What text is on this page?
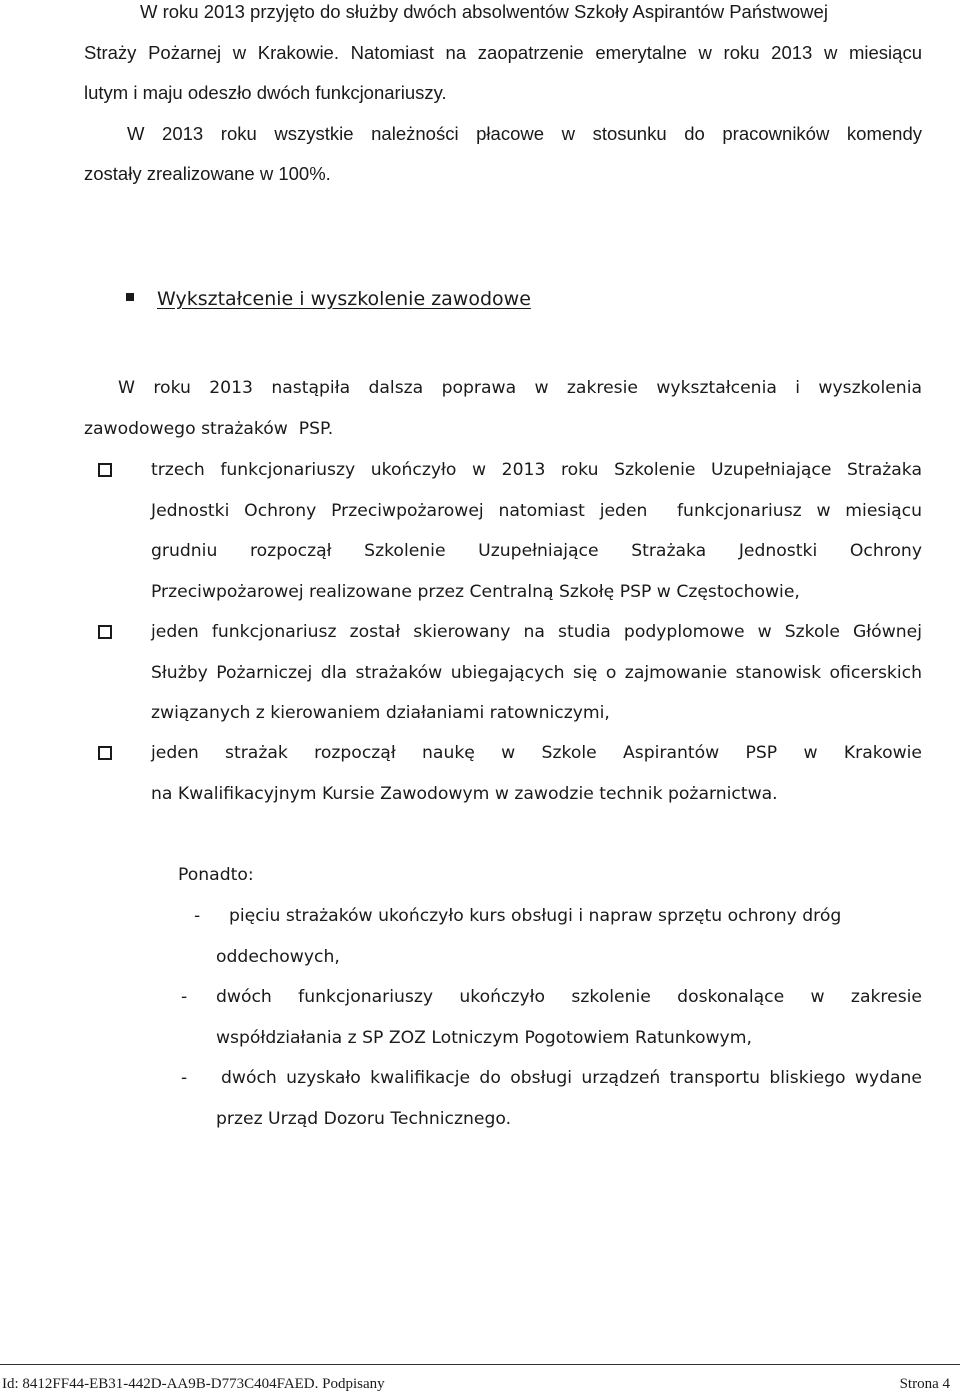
W roku 2013 przyjęto do służby dwóch absolwentów Szkoły Aspirantów Państwowej
Straży Pożarnej w Krakowie. Natomiast na zaopatrzenie emerytalne w roku 2013 w miesiącu
lutym i maju odeszło dwóch funkcjonariuszy.
W 2013 roku wszystkie należności płacowe w stosunku do pracowników komendy
zostały zrealizowane w 100%.
Wykształcenie i wyszkolenie zawodowe
W roku 2013 nastąpiła dalsza poprawa w zakresie wykształcenia i wyszkolenia
zawodowego strażaków  PSP.
trzech funkcjonariuszy ukończyło w 2013 roku Szkolenie Uzupełniające Strażaka
Jednostki Ochrony Przeciwpożarowej natomiast jeden  funkcjonariusz w miesiącu
grudniu rozpoczął Szkolenie Uzupełniające Strażaka Jednostki Ochrony
Przeciwpożarowej realizowane przez Centralną Szkołę PSP w Częstochowie,
jeden funkcjonariusz został skierowany na studia podyplomowe w Szkole Głównej
Służby Pożarniczej dla strażaków ubiegających się o zajmowanie stanowisk oficerskich
związanych z kierowaniem działaniami ratowniczymi,
jeden strażak rozpoczął naukę w Szkole Aspirantów PSP w Krakowie
na Kwalifikacyjnym Kursie Zawodowym w zawodzie technik pożarnictwa.
Ponadto:
- pięciu strażaków ukończyło kurs obsługi i napraw sprzętu ochrony dróg
oddechowych,
- dwóch funkcjonariuszy ukończyło szkolenie doskonalące w zakresie
współdziałania z SP ZOZ Lotniczym Pogotowiem Ratunkowym,
- dwóch uzyskało kwalifikacje do obsługi urządzeń transportu bliskiego wydane
przez Urząd Dozoru Technicznego.
Id: 8412FF44-EB31-442D-AA9B-D773C404FAED. Podpisany	Strona 4
